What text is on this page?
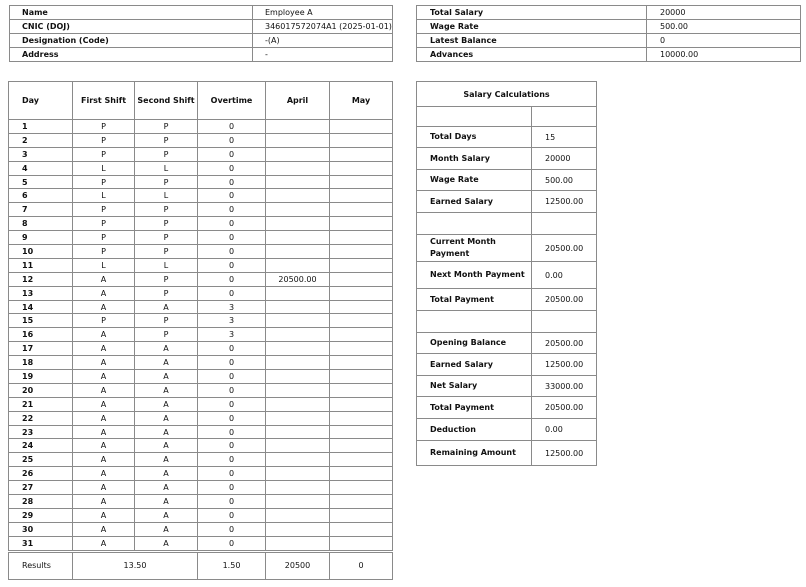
Name	Employee A
CNIC (DOJ)	346017572074A1 (2025-01-01)
Designation (Code)	-(A)
Address	-
Total Salary	20000
Wage Rate	500.00
Latest Balance	0
Advances	10000.00
Day	First Shift	Second Shift	Overtime	April	May
1	P	P	0		
2	P	P	0		
3	P	P	0		
4	L	L	0		
5	P	P	0		
6	L	L	0		
7	P	P	0		
8	P	P	0		
9	P	P	0		
10	P	P	0		
11	L	L	0		
12	A	P	0	20500.00	
13	A	P	0		
14	A	A	3		
15	P	P	3		
16	A	P	3		
17	A	A	0		
18	A	A	0		
19	A	A	0		
20	A	A	0		
21	A	A	0		
22	A	A	0		
23	A	A	0		
24	A	A	0		
25	A	A	0		
26	A	A	0		
27	A	A	0		
28	A	A	0		
29	A	A	0		
30	A	A	0		
31	A	A	0		
Results	13.50		1.50	20500	0
Salary Calculations	

Total Days	15
Month Salary	20000
Wage Rate	500.00
Earned Salary	12500.00

Current Month Payment	20500.00
Next Month Payment	0.00
Total Payment	20500.00

Opening Balance	20500.00
Earned Salary	12500.00
Net Salary	33000.00
Total Payment	20500.00
Deduction	0.00
Remaining Amount	12500.00
